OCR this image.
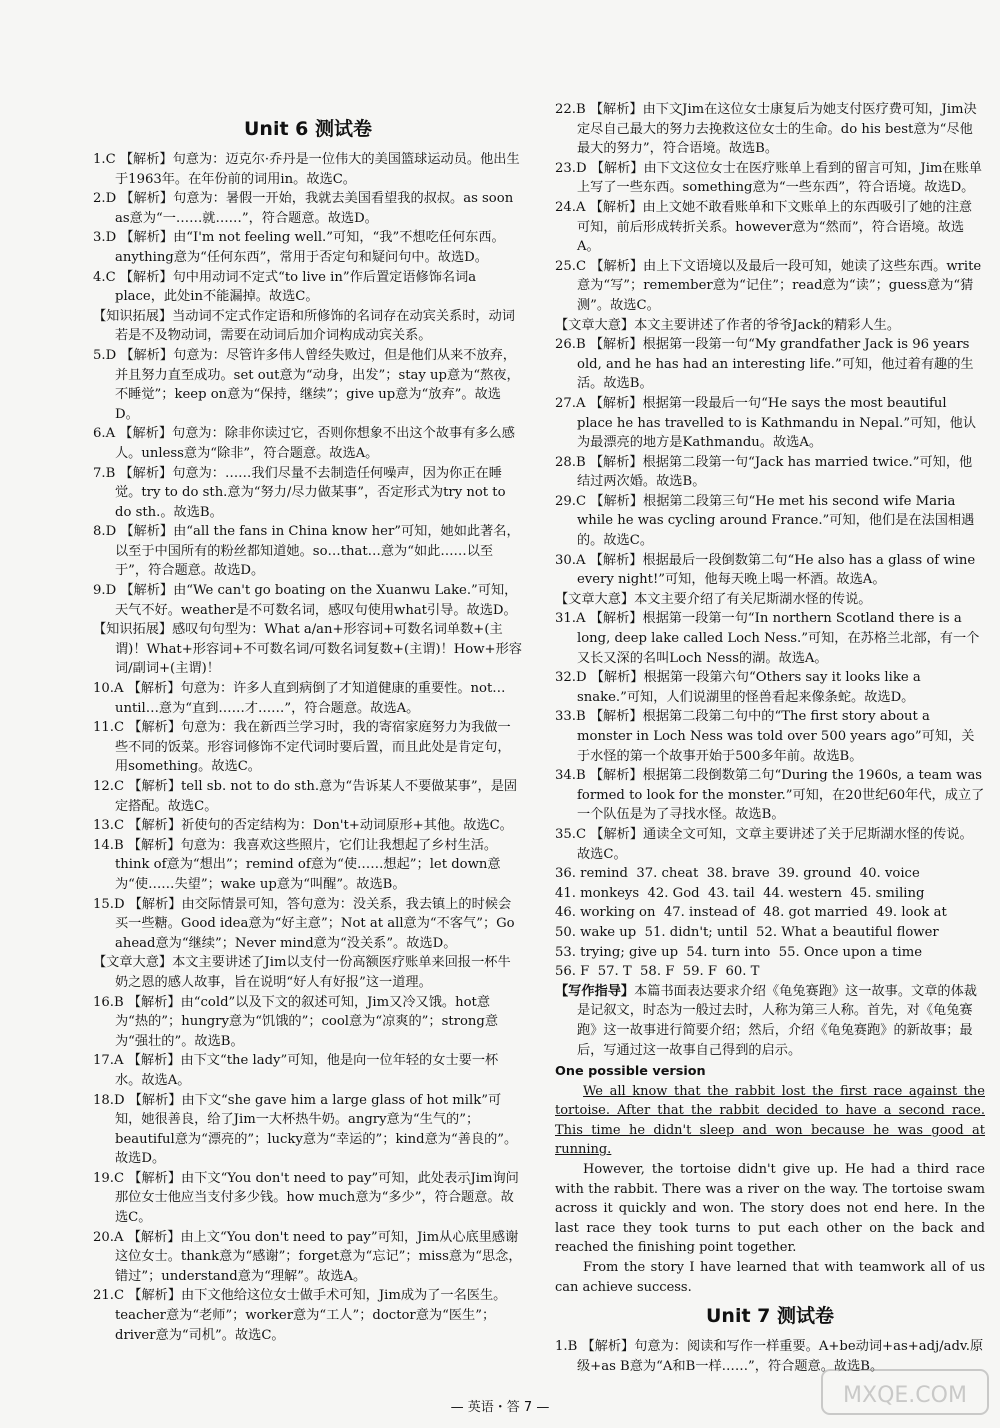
Unit 6 测试卷

1.C 【解析】句意为：迈克尔·乔丹是一位伟大的美国篮球运动员。他出生于1963年。在年份前的词用in。故选C。

2.D 【解析】句意为：暑假一开始，我就去美国看望我的叔叔。as soon as意为“一……就……”，符合题意。故选D。

3.D 【解析】由“I'm not feeling well.”可知，“我”不想吃任何东西。anything意为“任何东西”，常用于否定句和疑问句中。故选D。

4.C 【解析】句中用动词不定式“to live in”作后置定语修饰名词a place，此处in不能漏掉。故选C。

【知识拓展】当动词不定式作定语和所修饰的名词存在动宾关系时，动词若是不及物动词，需要在动词后加介词构成动宾关系。

5.D 【解析】句意为：尽管许多伟人曾经失败过，但是他们从来不放弃，并且努力直至成功。set out意为“动身，出发”；stay up意为“熬夜，不睡觉”；keep on意为“保持，继续”；give up意为“放弃”。故选D。

6.A 【解析】句意为：除非你读过它，否则你想象不出这个故事有多么感人。unless意为“除非”，符合题意。故选A。

7.B 【解析】句意为：……我们尽量不去制造任何噪声，因为你正在睡觉。try to do sth.意为“努力/尽力做某事”，否定形式为try not to do sth.。故选B。

8.D 【解析】由“all the fans in China know her”可知，她如此著名，以至于中国所有的粉丝都知道她。so…that…意为“如此……以至于”，符合题意。故选D。

9.D 【解析】由“We can't go boating on the Xuanwu Lake.”可知，天气不好。weather是不可数名词，感叹句使用what引导。故选D。

【知识拓展】感叹句句型为：What a/an+形容词+可数名词单数+(主谓)！What+形容词+不可数名词/可数名词复数+(主谓)！How+形容词/副词+(主谓)！

10.A 【解析】句意为：许多人直到病倒了才知道健康的重要性。not…until…意为“直到……才……”，符合题意。故选A。

11.C 【解析】句意为：我在新西兰学习时，我的寄宿家庭努力为我做一些不同的饭菜。形容词修饰不定代词时要后置，而且此处是肯定句，用something。故选C。

12.C 【解析】tell sb. not to do sth.意为“告诉某人不要做某事”，是固定搭配。故选C。

13.C 【解析】祈使句的否定结构为：Don't+动词原形+其他。故选C。

14.B 【解析】句意为：我喜欢这些照片，它们让我想起了乡村生活。think of意为“想出”；remind of意为“使……想起”；let down意为“使……失望”；wake up意为“叫醒”。故选B。

15.D 【解析】由交际情景可知，答句意为：没关系，我去镇上的时候会买一些糖。Good idea意为“好主意”；Not at all意为“不客气”；Go ahead意为“继续”；Never mind意为“没关系”。故选D。

【文章大意】本文主要讲述了Jim以支付一份高额医疗账单来回报一杯牛奶之恩的感人故事，旨在说明“好人有好报”这一道理。

16.B 【解析】由“cold”以及下文的叙述可知，Jim又冷又饿。hot意为“热的”；hungry意为“饥饿的”；cool意为“凉爽的”；strong意为“强壮的”。故选B。

17.A 【解析】由下文“the lady”可知，他是向一位年轻的女士要一杯水。故选A。

18.D 【解析】由下文“she gave him a large glass of hot milk”可知，她很善良，给了Jim一大杯热牛奶。angry意为“生气的”；beautiful意为“漂亮的”；lucky意为“幸运的”；kind意为“善良的”。故选D。

19.C 【解析】由下文“You don't need to pay”可知，此处表示Jim询问那位女士他应当支付多少钱。how much意为“多少”，符合题意。故选C。

20.A 【解析】由上文“You don't need to pay”可知，Jim从心底里感谢这位女士。thank意为“感谢”；forget意为“忘记”；miss意为“思念，错过”；understand意为“理解”。故选A。

21.C 【解析】由下文他给这位女士做手术可知，Jim成为了一名医生。teacher意为“老师”；worker意为“工人”；doctor意为“医生”；driver意为“司机”。故选C。

22.B 【解析】由下文Jim在这位女士康复后为她支付医疗费可知，Jim决定尽自己最大的努力去挽救这位女士的生命。do his best意为“尽他最大的努力”，符合语境。故选B。

23.D 【解析】由下文这位女士在医疗账单上看到的留言可知，Jim在账单上写了一些东西。something意为“一些东西”，符合语境。故选D。

24.A 【解析】由上文她不敢看账单和下文账单上的东西吸引了她的注意可知，前后形成转折关系。however意为“然而”，符合语境。故选A。

25.C 【解析】由上下文语境以及最后一段可知，她读了这些东西。write意为“写”；remember意为“记住”；read意为“读”；guess意为“猜测”。故选C。

【文章大意】本文主要讲述了作者的爷爷Jack的精彩人生。

26.B 【解析】根据第一段第一句“My grandfather Jack is 96 years old, and he has had an interesting life.”可知，他过着有趣的生活。故选B。

27.A 【解析】根据第一段最后一句“He says the most beautiful place he has travelled to is Kathmandu in Nepal.”可知，他认为最漂亮的地方是Kathmandu。故选A。

28.B 【解析】根据第二段第一句“Jack has married twice.”可知，他结过两次婚。故选B。

29.C 【解析】根据第二段第三句“He met his second wife Maria while he was cycling around France.”可知，他们是在法国相遇的。故选C。

30.A 【解析】根据最后一段倒数第二句“He also has a glass of wine every night!”可知，他每天晚上喝一杯酒。故选A。

【文章大意】本文主要介绍了有关尼斯湖水怪的传说。

31.A 【解析】根据第一段第一句“In northern Scotland there is a long, deep lake called Loch Ness.”可知，在苏格兰北部，有一个又长又深的名叫Loch Ness的湖。故选A。

32.D 【解析】根据第一段第六句“Others say it looks like a snake.”可知，人们说湖里的怪兽看起来像条蛇。故选D。

33.B 【解析】根据第二段第二句中的“The first story about a monster in Loch Ness was told over 500 years ago”可知，关于水怪的第一个故事开始于500多年前。故选B。

34.B 【解析】根据第二段倒数第二句“During the 1960s, a team was formed to look for the monster.”可知，在20世纪60年代，成立了一个队伍是为了寻找水怪。故选B。

35.C 【解析】通读全文可知，文章主要讲述了关于尼斯湖水怪的传说。故选C。

36. remind  37. cheat  38. brave  39. ground  40. voice

41. monkeys  42. God  43. tail  44. western  45. smiling

46. working on  47. instead of  48. got married  49. look at

50. wake up  51. didn't; until  52. What a beautiful flower

53. trying; give up  54. turn into  55. Once upon a time

56. F  57. T  58. F  59. F  60. T

【写作指导】本篇书面表达要求介绍《龟兔赛跑》这一故事。文章的体裁是记叙文，时态为一般过去时，人称为第三人称。首先，对《龟兔赛跑》这一故事进行简要介绍；然后，介绍《龟兔赛跑》的新故事；最后，写通过这一故事自己得到的启示。

One possible version

We all know that the rabbit lost the first race against the tortoise. After that the rabbit decided to have a second race. This time he didn't sleep and won because he was good at running.

However, the tortoise didn't give up. He had a third race with the rabbit. There was a river on the way. The tortoise swam across it quickly and won. The story does not end here. In the last race they took turns to put each other on the back and reached the finishing point together.

From the story I have learned that with teamwork all of us can achieve success.

Unit 7 测试卷

1.B 【解析】句意为：阅读和写作一样重要。A+be动词+as+adj/adv.原级+as B意为“A和B一样……”，符合题意。故选B。

— 英语・答 7 —	MXQE.COM
